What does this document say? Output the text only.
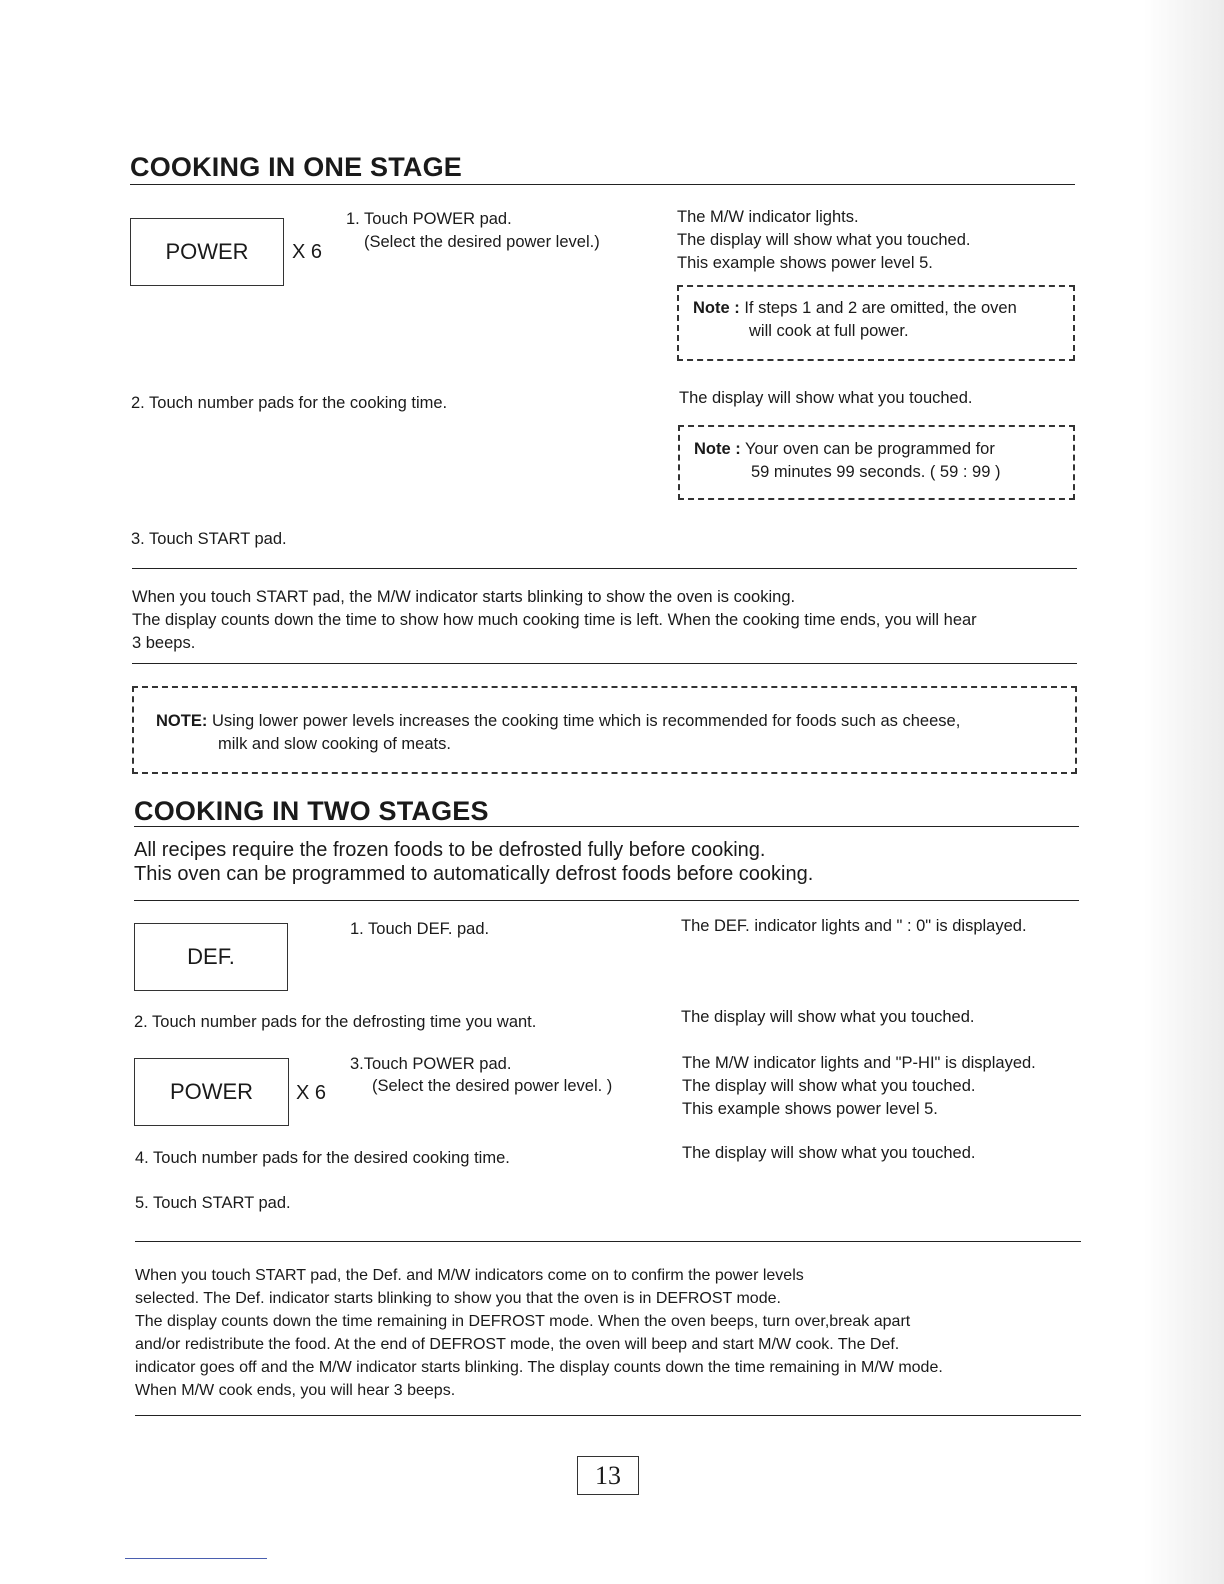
COOKING IN ONE STAGE
POWER	X 6
1. Touch POWER pad.
(Select the desired power level.)
The M/W indicator lights.
The display will show what you touched.
This example shows power level 5.
Note : If steps 1 and 2 are omitted, the oven
will cook at full power.
2. Touch number pads for the cooking time.	The display will show what you touched.
Note : Your oven can be programmed for
59 minutes 99 seconds. ( 59 : 99 )
3. Touch START pad.
When you touch START pad, the M/W indicator starts blinking to show the oven is cooking.
The display counts down the time to show how much cooking time is left. When the cooking time ends, you will hear
3 beeps.
NOTE: Using lower power levels increases the cooking time which is recommended for foods such as cheese,
milk and slow cooking of meats.
COOKING IN TWO STAGES
All recipes require the frozen foods to be defrosted fully before cooking.
This oven can be programmed to automatically defrost foods before cooking.
DEF.
1. Touch DEF. pad.	The DEF. indicator lights and " : 0" is displayed.
2. Touch number pads for the defrosting time you want.	The display will show what you touched.
POWER	X 6
3.Touch POWER pad.
(Select the desired power level. )
The M/W indicator lights and "P-HI" is displayed.
The display will show what you touched.
This example shows power level 5.
4. Touch number pads for the desired cooking time.	The display will show what you touched.
5. Touch START pad.
When you touch START pad, the Def. and M/W indicators come on to confirm the power levels
selected. The Def. indicator starts blinking to show you that the oven is in DEFROST mode.
The display counts down the time remaining in DEFROST mode. When the oven beeps, turn over,break apart
and/or redistribute the food. At the end of DEFROST mode, the oven will beep and start M/W cook. The Def.
indicator goes off and the M/W indicator starts blinking. The display counts down the time remaining in M/W mode.
When M/W cook ends, you will hear 3 beeps.
13
